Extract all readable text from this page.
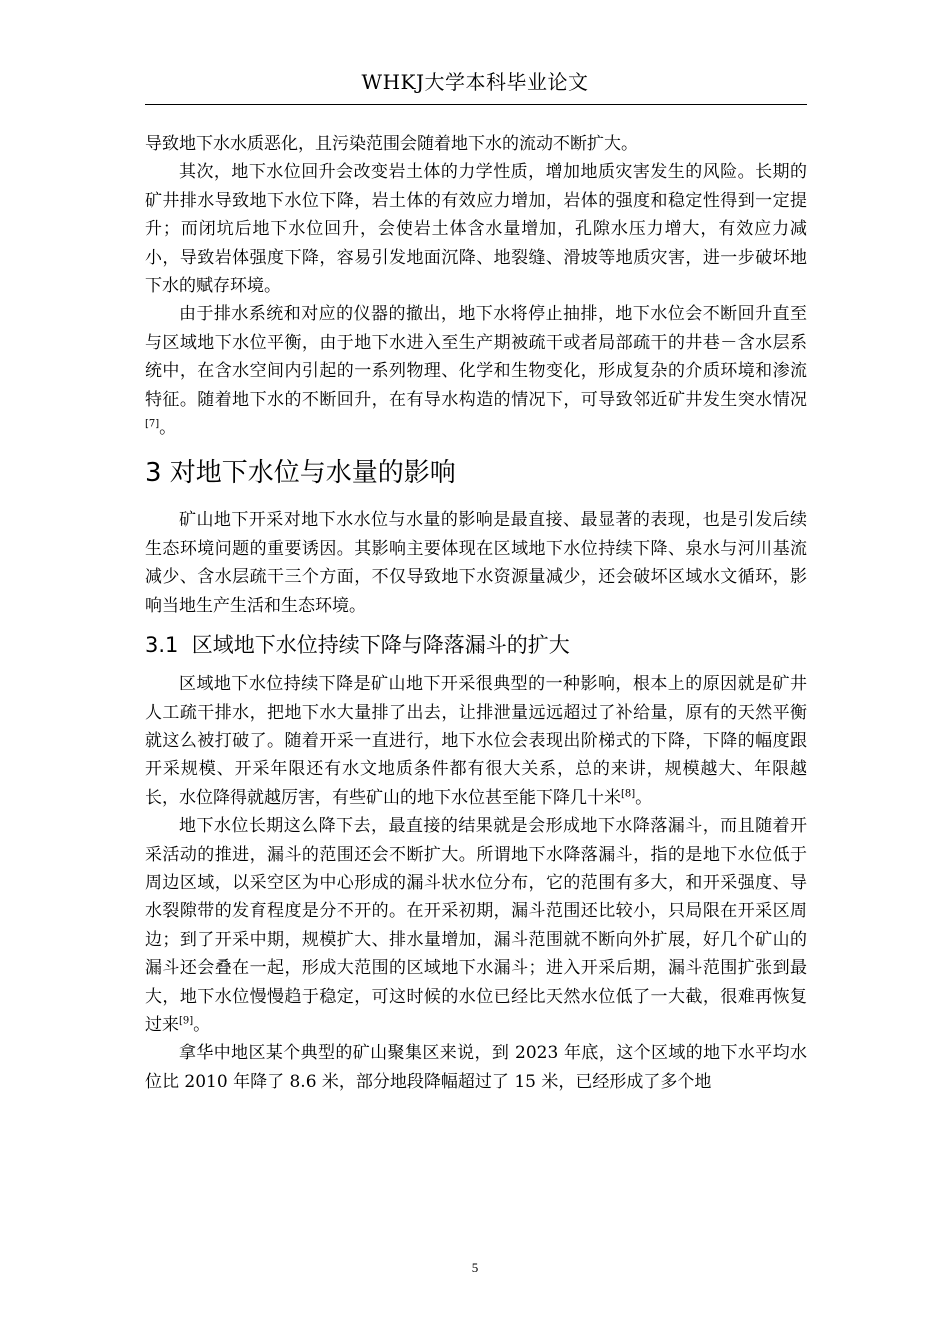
WHKJ大学本科毕业论文

导致地下水水质恶化，且污染范围会随着地下水的流动不断扩大。

其次，地下水位回升会改变岩土体的力学性质，增加地质灾害发生的风险。长期的矿井排水导致地下水位下降，岩土体的有效应力增加，岩体的强度和稳定性得到一定提升；而闭坑后地下水位回升，会使岩土体含水量增加，孔隙水压力增大，有效应力减小，导致岩体强度下降，容易引发地面沉降、地裂缝、滑坡等地质灾害，进一步破坏地下水的赋存环境。

由于排水系统和对应的仪器的撤出，地下水将停止抽排，地下水位会不断回升直至与区域地下水位平衡，由于地下水进入至生产期被疏干或者局部疏干的井巷－含水层系统中，在含水空间内引起的一系列物理、化学和生物变化，形成复杂的介质环境和渗流特征。随着地下水的不断回升，在有导水构造的情况下，可导致邻近矿井发生突水情况[7]。

3 对地下水位与水量的影响

矿山地下开采对地下水水位与水量的影响是最直接、最显著的表现，也是引发后续生态环境问题的重要诱因。其影响主要体现在区域地下水位持续下降、泉水与河川基流减少、含水层疏干三个方面，不仅导致地下水资源量减少，还会破坏区域水文循环，影响当地生产生活和生态环境。

3.1 区域地下水位持续下降与降落漏斗的扩大

区域地下水位持续下降是矿山地下开采很典型的一种影响，根本上的原因就是矿井人工疏干排水，把地下水大量排了出去，让排泄量远远超过了补给量，原有的天然平衡就这么被打破了。随着开采一直进行，地下水位会表现出阶梯式的下降，下降的幅度跟开采规模、开采年限还有水文地质条件都有很大关系，总的来讲，规模越大、年限越长，水位降得就越厉害，有些矿山的地下水位甚至能下降几十米[8]。

地下水位长期这么降下去，最直接的结果就是会形成地下水降落漏斗，而且随着开采活动的推进，漏斗的范围还会不断扩大。所谓地下水降落漏斗，指的是地下水位低于周边区域，以采空区为中心形成的漏斗状水位分布，它的范围有多大，和开采强度、导水裂隙带的发育程度是分不开的。在开采初期，漏斗范围还比较小，只局限在开采区周边；到了开采中期，规模扩大、排水量增加，漏斗范围就不断向外扩展，好几个矿山的漏斗还会叠在一起，形成大范围的区域地下水漏斗；进入开采后期，漏斗范围扩张到最大，地下水位慢慢趋于稳定，可这时候的水位已经比天然水位低了一大截，很难再恢复过来[9]。

拿华中地区某个典型的矿山聚集区来说，到 2023 年底，这个区域的地下水平均水位比 2010 年降了 8.6 米，部分地段降幅超过了 15 米，已经形成了多个地

5
